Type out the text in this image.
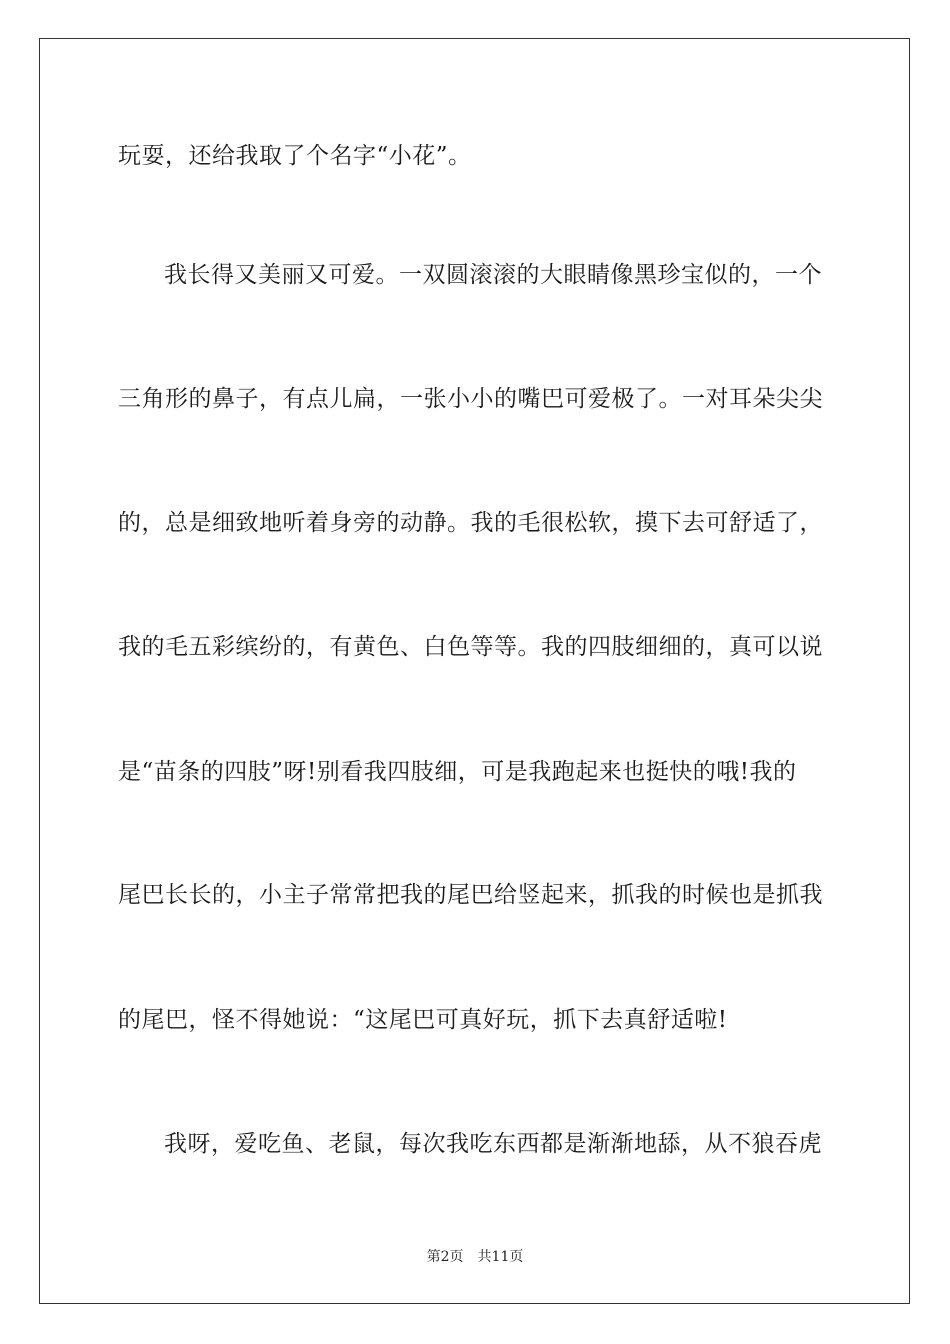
玩耍，还给我取了个名字“小花”。
我长得又美丽又可爱。一双圆滚滚的大眼睛像黑珍宝似的，一个
三角形的鼻子，有点儿扁，一张小小的嘴巴可爱极了。一对耳朵尖尖
的，总是细致地听着身旁的动静。我的毛很松软，摸下去可舒适了，
我的毛五彩缤纷的，有黄色、白色等等。我的四肢细细的，真可以说
是“苗条的四肢”呀!别看我四肢细，可是我跑起来也挺快的哦!我的
尾巴长长的，小主子常常把我的尾巴给竖起来，抓我的时候也是抓我
的尾巴，怪不得她说：“这尾巴可真好玩，抓下去真舒适啦!
我呀，爱吃鱼、老鼠，每次我吃东西都是渐渐地舔，从不狼吞虎
第2页 共11页
